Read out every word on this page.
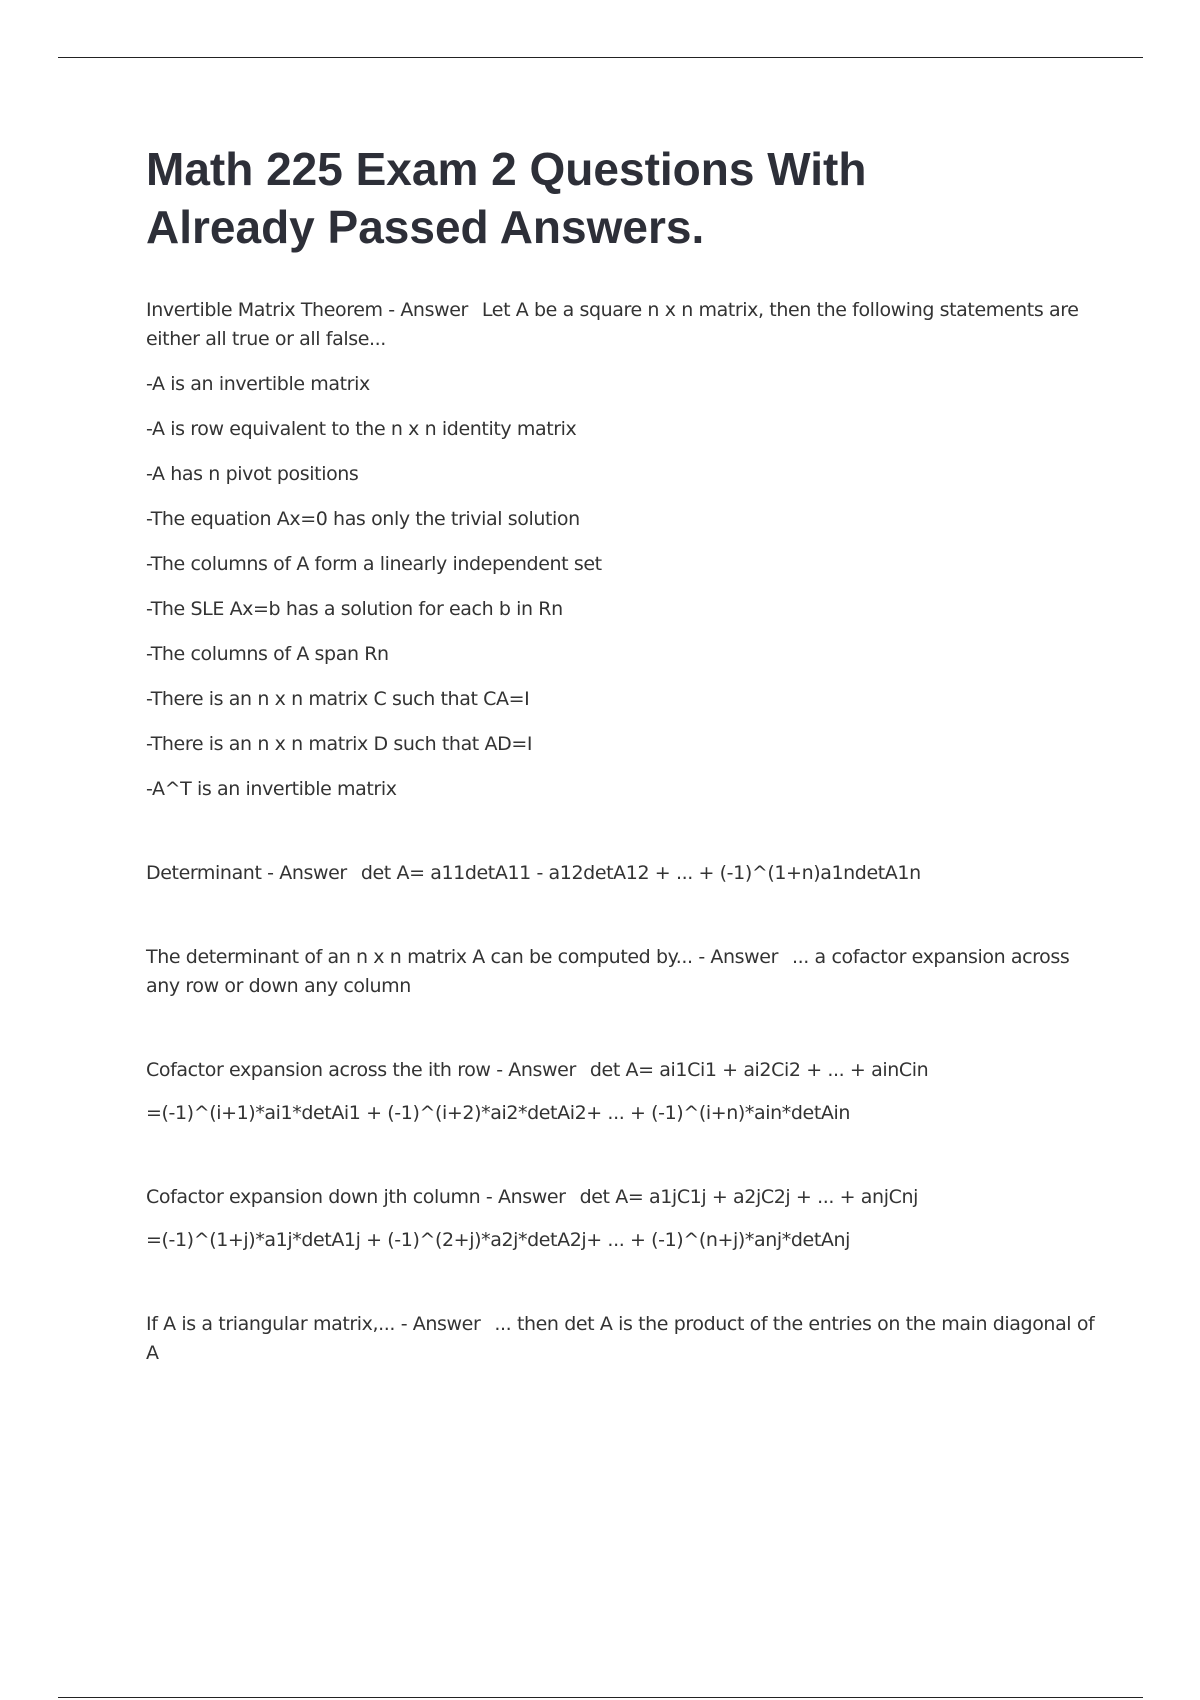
Math 225 Exam 2 Questions With
Already Passed Answers.

Invertible Matrix Theorem - Answer Let A be a square n x n matrix, then the following statements are either all true or all false...

-A is an invertible matrix

-A is row equivalent to the n x n identity matrix

-A has n pivot positions

-The equation Ax=0 has only the trivial solution

-The columns of A form a linearly independent set

-The SLE Ax=b has a solution for each b in Rn

-The columns of A span Rn

-There is an n x n matrix C such that CA=I

-There is an n x n matrix D such that AD=I

-A^T is an invertible matrix

Determinant - Answer det A= a11detA11 - a12detA12 + ... + (-1)^(1+n)a1ndetA1n

The determinant of an n x n matrix A can be computed by... - Answer ... a cofactor expansion across any row or down any column

Cofactor expansion across the ith row - Answer det A= ai1Ci1 + ai2Ci2 + ... + ainCin

=(-1)^(i+1)*ai1*detAi1 + (-1)^(i+2)*ai2*detAi2+ ... + (-1)^(i+n)*ain*detAin

Cofactor expansion down jth column - Answer det A= a1jC1j + a2jC2j + ... + anjCnj

=(-1)^(1+j)*a1j*detA1j + (-1)^(2+j)*a2j*detA2j+ ... + (-1)^(n+j)*anj*detAnj

If A is a triangular matrix,... - Answer ... then det A is the product of the entries on the main diagonal of A
